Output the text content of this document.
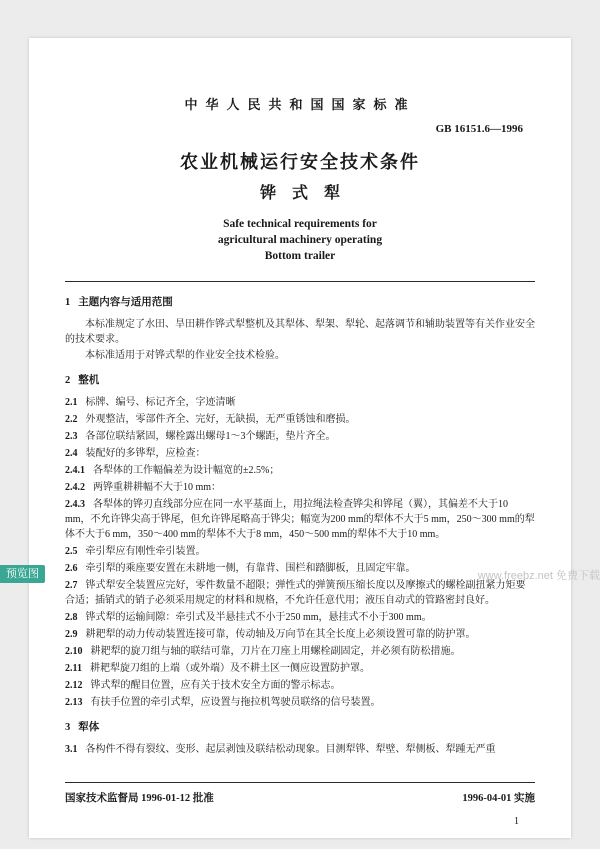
中华人民共和国国家标准
GB 16151.6—1996
农业机械运行安全技术条件
铧式犁
Safe technical requirements for
agricultural machinery operating
Bottom trailer
1 主题内容与适用范围
本标准规定了水田、旱田耕作铧式犁整机及其犁体、犁架、犁轮、起落调节和辅助装置等有关作业安全的技术要求。
本标准适用于对铧式犁的作业安全技术检验。
2 整机
2.1 标牌、编号、标记齐全，字迹清晰
2.2 外观整洁，零部件齐全、完好，无缺损，无严重锈蚀和磨损。
2.3 各部位联结紧固，螺栓露出螺母1～3个螺距，垫片齐全。
2.4 装配好的多铧犁，应检查：
2.4.1 各犁体的工作幅偏差为设计幅宽的±2.5%；
2.4.2 两铧重耕耕幅不大于10 mm：
2.4.3 各犁体的铧刃直线部分应在同一水平基面上，用拉绳法检查铧尖和铧尾（翼），其偏差不大于10 mm，不允许铧尖高于铧尾，但允许铧尾略高于铧尖；幅宽为200 mm的犁体不大于5 mm，250～300 mm的犁体不大于6 mm，350～400 mm的犁体不大于8 mm，450～500 mm的犁体不大于10 mm。
2.5 牵引犁应有刚性牵引装置。
2.6 牵引犁的乘座要安置在未耕地一侧，有靠背、围栏和踏脚板，且固定牢靠。
2.7 铧式犁安全装置应完好，零件数量不超限；弹性式的弹簧预压缩长度以及摩擦式的螺栓副扭紧力矩要合适；插销式的销子必须采用规定的材料和规格，不允许任意代用；液压自动式的管路密封良好。
2.8 铧式犁的运输间隙：牵引式及半悬挂式不小于250 mm，悬挂式不小于300 mm。
2.9 耕耙犁的动力传动装置连接可靠，传动轴及万向节在其全长度上必须设置可靠的防护罩。
2.10 耕耙犁的旋刀组与轴的联结可靠，刀片在刀座上用螺栓副固定，并必须有防松措施。
2.11 耕耙犁旋刀组的上端（或外端）及不耕土区一侧应设置防护罩。
2.12 铧式犁的醒目位置，应有关于技术安全方面的警示标志。
2.13 有扶手位置的牵引式犁，应设置与拖拉机驾驶员联络的信号装置。
3 犁体
3.1 各构件不得有裂纹、变形、起层剥蚀及联结松动现象。目测犁铧、犁壁、犁侧板、犁踵无严重
国家技术监督局 1996-01-12 批准	1996-04-01 实施
1
预览图	www.freebz.net 免费下载
